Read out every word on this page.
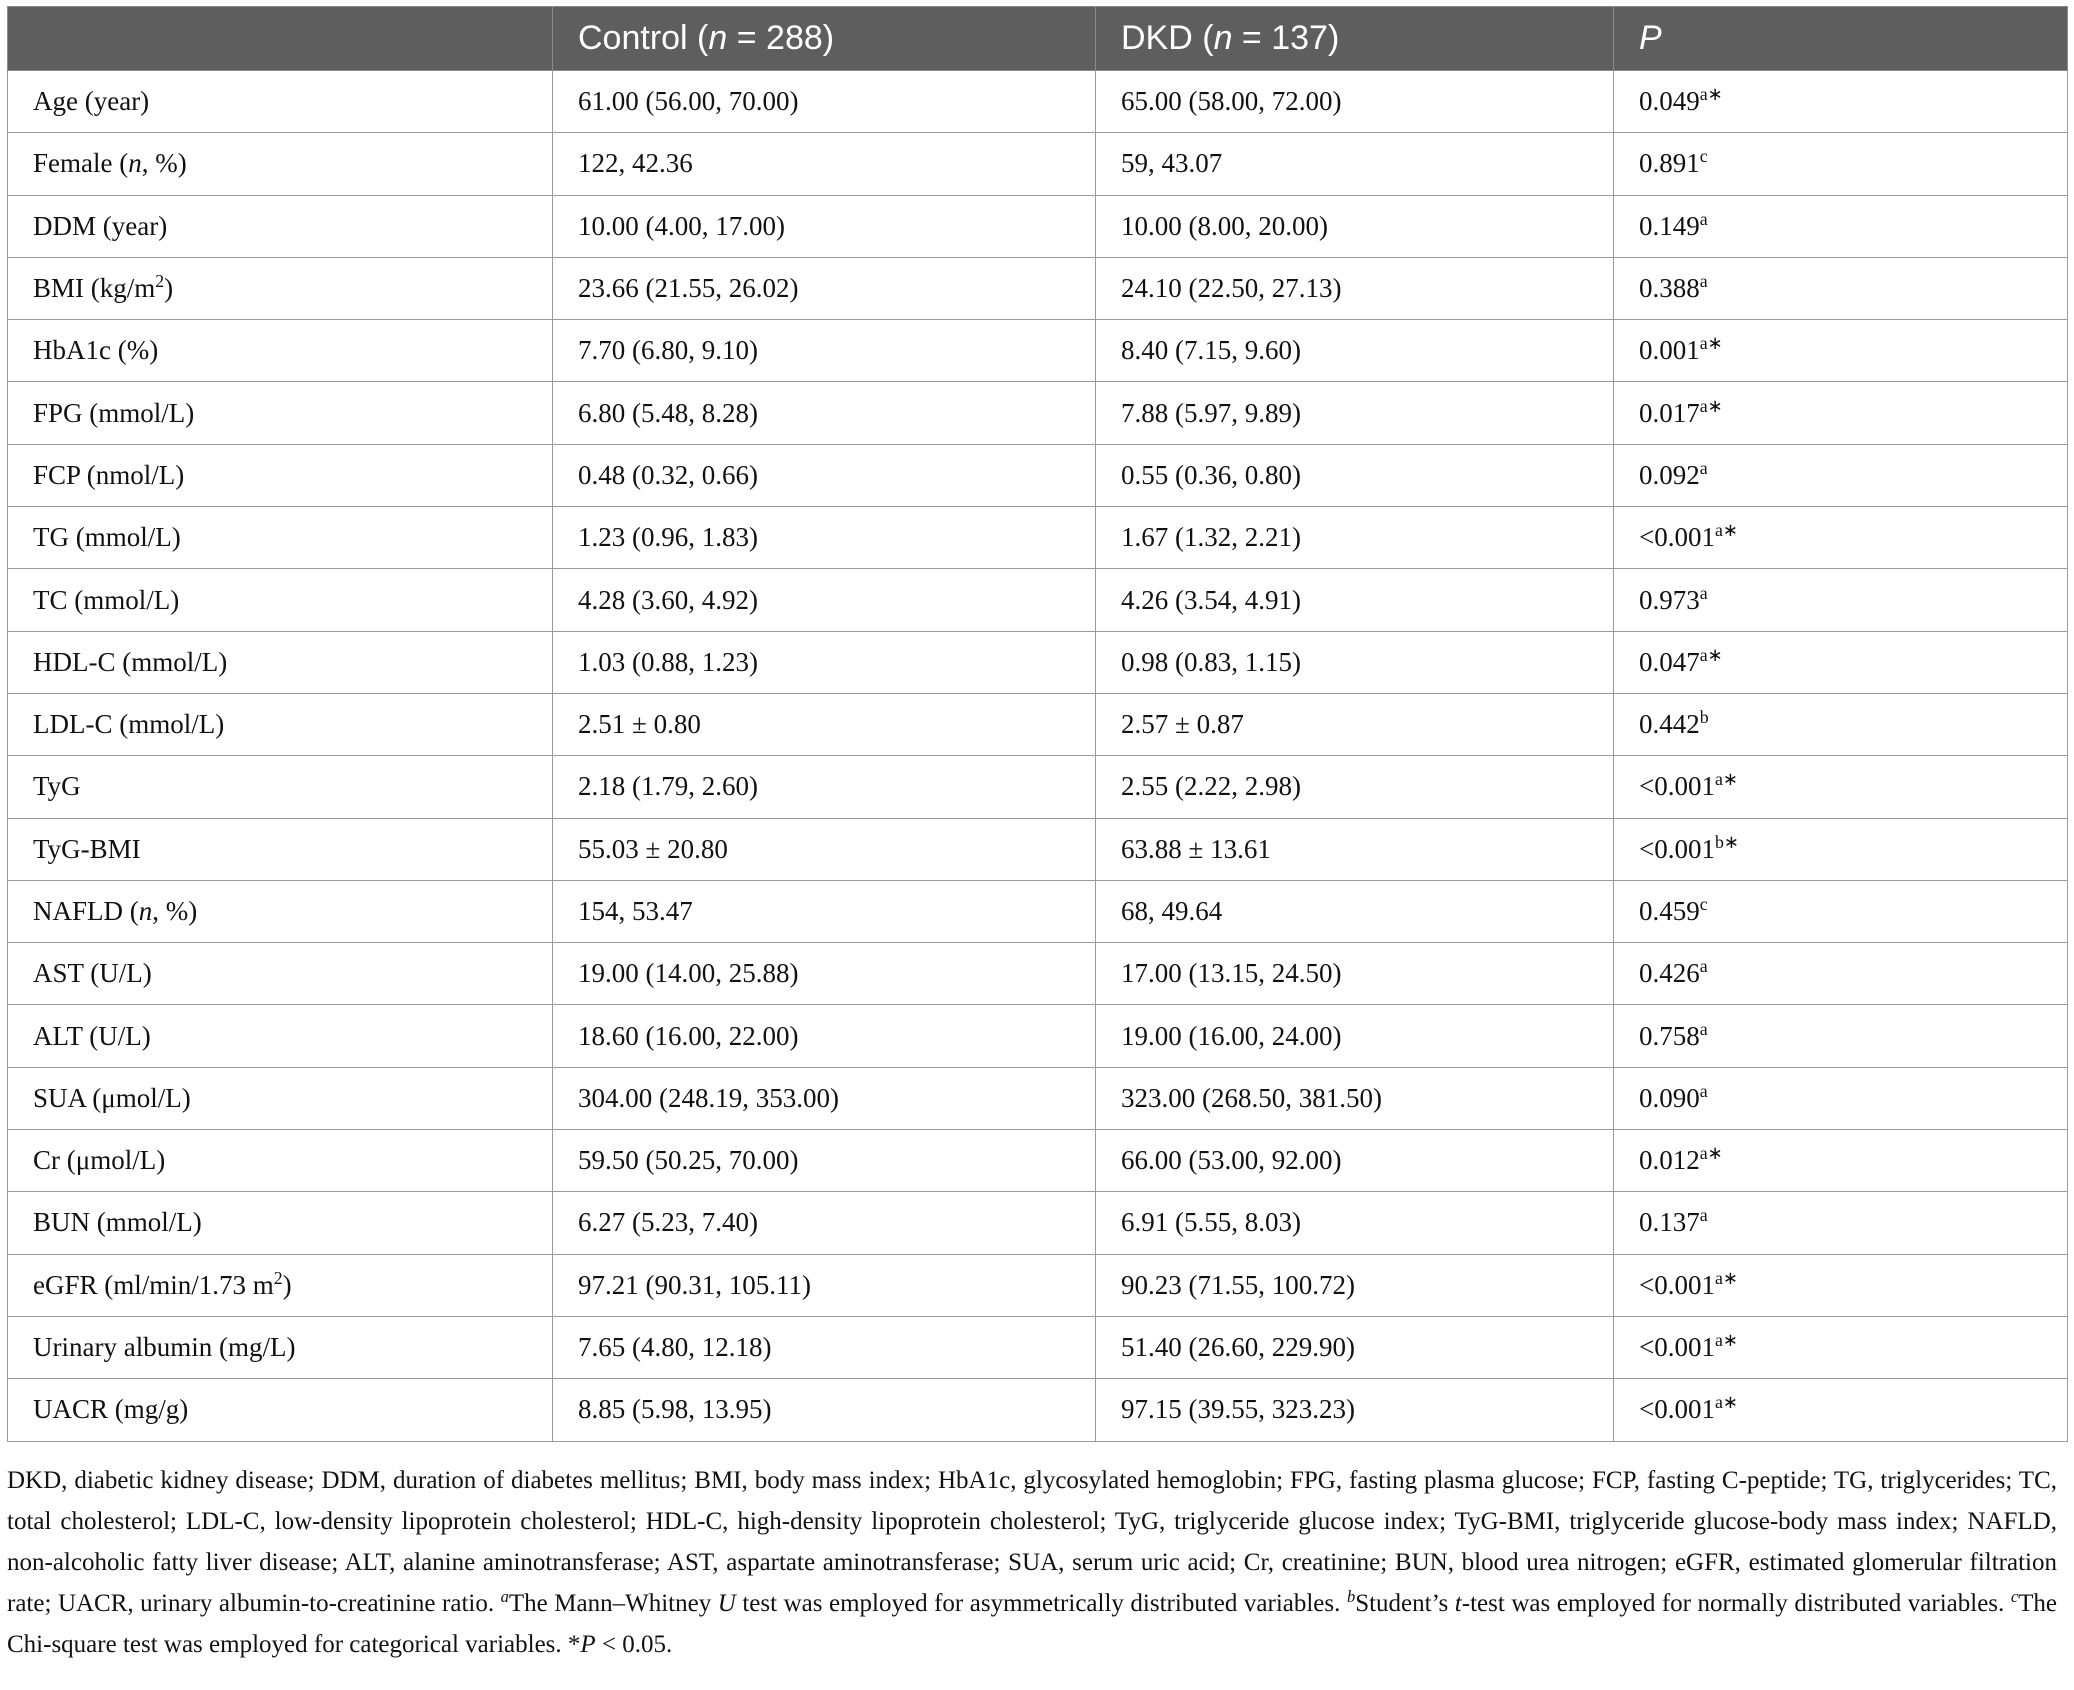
	Control (n = 288)	DKD (n = 137)	P
Age (year)	61.00 (56.00, 70.00)	65.00 (58.00, 72.00)	$0.049^{a∗}$
Female (n, %)	122, 42.36	59, 43.07	0.891$^c$
DDM (year)	10.00 (4.00, 17.00)	10.00 (8.00, 20.00)	0.149$^a$
BMI $(kg/m^2)$	23.66 (21.55, 26.02)	24.10 (22.50, 27.13)	0.388$^a$
HbA1c (%)	7.70 (6.80, 9.10)	8.40 (7.15, 9.60)	$0.001^{a∗}$
FPG (mmol/L)	6.80 (5.48, 8.28)	7.88 (5.97, 9.89)	$0.017^{a∗}$
FCP (nmol/L)	0.48 (0.32, 0.66)	0.55 (0.36, 0.80)	0.092$^a$
TG (mmol/L)	1.23 (0.96, 1.83)	1.67 (1.32, 2.21)	$<0.001^{a∗}$
TC (mmol/L)	4.28 (3.60, 4.92)	4.26 (3.54, 4.91)	0.973$^a$
HDL-C (mmol/L)	1.03 (0.88, 1.23)	0.98 (0.83, 1.15)	$0.047^{a∗}$
LDL-C (mmol/L)	2.51 ± 0.80	2.57 ± 0.87	0.442$^b$
TyG	2.18 (1.79, 2.60)	2.55 (2.22, 2.98)	$<0.001^{a∗}$
TyG-BMI	55.03 ± 20.80	63.88 ± 13.61	$<0.001^{b∗}$
NAFLD (n, %)	154, 53.47	68, 49.64	0.459$^c$
AST (U/L)	19.00 (14.00, 25.88)	17.00 (13.15, 24.50)	0.426$^a$
ALT (U/L)	18.60 (16.00, 22.00)	19.00 (16.00, 24.00)	0.758$^a$
SUA (μmol/L)	304.00 (248.19, 353.00)	323.00 (268.50, 381.50)	0.090$^a$
Cr (μmol/L)	59.50 (50.25, 70.00)	66.00 (53.00, 92.00)	$0.012^{a∗}$
BUN (mmol/L)	6.27 (5.23, 7.40)	6.91 (5.55, 8.03)	0.137$^a$
eGFR (ml/min/1.73 $m^2$)	97.21 (90.31, 105.11)	90.23 (71.55, 100.72)	$<0.001^{a∗}$
Urinary albumin (mg/L)	7.65 (4.80, 12.18)	51.40 (26.60, 229.90)	$<0.001^{a∗}$
UACR (mg/g)	8.85 (5.98, 13.95)	97.15 (39.55, 323.23)	$<0.001^{a∗}$

DKD, diabetic kidney disease; DDM, duration of diabetes mellitus; BMI, body mass index; HbA1c, glycosylated hemoglobin; FPG, fasting plasma glucose; FCP, fasting C-peptide; TG, triglycerides; TC, total cholesterol; LDL-C, low-density lipoprotein cholesterol; HDL-C, high-density lipoprotein cholesterol; TyG, triglyceride glucose index; TyG-BMI, triglyceride glucose-body mass index; NAFLD, non-alcoholic fatty liver disease; ALT, alanine aminotransferase; AST, aspartate aminotransferase; SUA, serum uric acid; Cr, creatinine; BUN, blood urea nitrogen; eGFR, estimated glomerular filtration rate; UACR, urinary albumin-to-creatinine ratio. $^a$The Mann–Whitney U test was employed for asymmetrically distributed variables. $^b$Student’s t-test was employed for normally distributed variables. $^c$The Chi-square test was employed for categorical variables. *P < 0.05.
